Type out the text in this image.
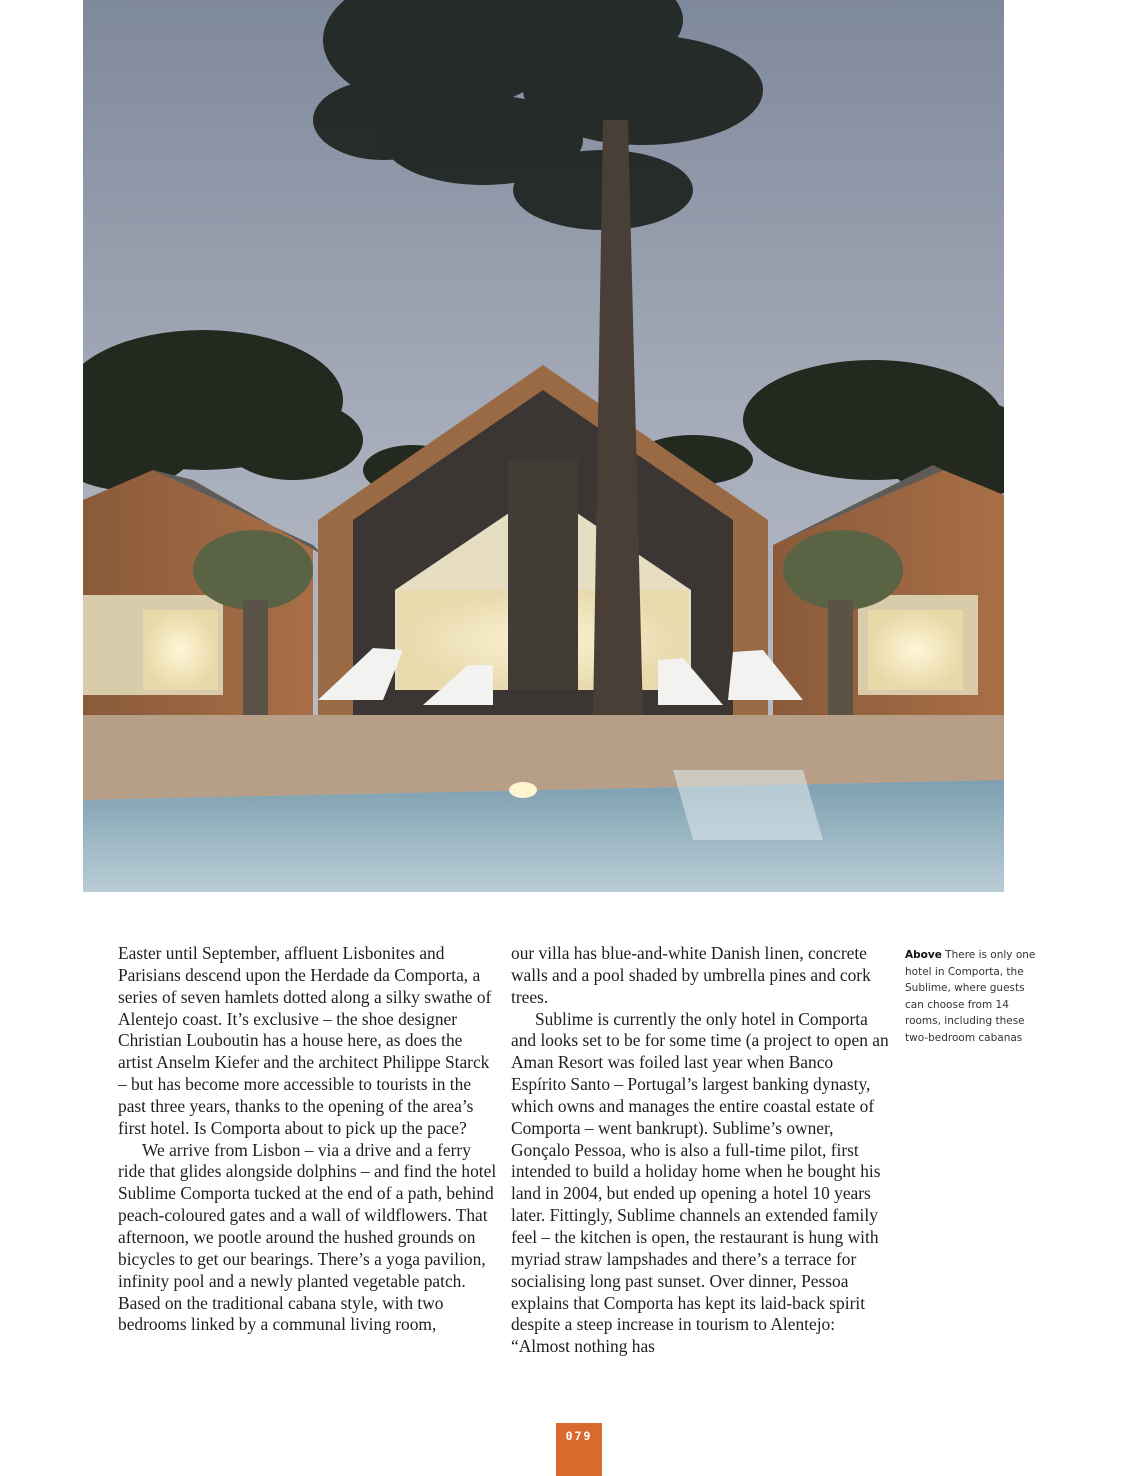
Easter until September, affluent Lisbonites and Parisians descend upon the Herdade da Comporta, a series of seven hamlets dotted along a silky swathe of Alentejo coast. It’s exclusive – the shoe designer Christian Louboutin has a house here, as does the artist Anselm Kiefer and the architect Philippe Starck – but has become more accessible to tourists in the past three years, thanks to the opening of the area’s first hotel. Is Comporta about to pick up the pace?

We arrive from Lisbon – via a drive and a ferry ride that glides alongside dolphins – and find the hotel Sublime Comporta tucked at the end of a path, behind peach-coloured gates and a wall of wildflowers. That afternoon, we pootle around the hushed grounds on bicycles to get our bearings. There’s a yoga pavilion, infinity pool and a newly planted vegetable patch. Based on the traditional cabana style, with two bedrooms linked by a communal living room,

our villa has blue-and-white Danish linen, concrete walls and a pool shaded by umbrella pines and cork trees.

Sublime is currently the only hotel in Comporta and looks set to be for some time (a project to open an Aman Resort was foiled last year when Banco Espírito Santo – Portugal’s largest banking dynasty, which owns and manages the entire coastal estate of Comporta – went bankrupt). Sublime’s owner, Gonçalo Pessoa, who is also a full-time pilot, first intended to build a holiday home when he bought his land in 2004, but ended up opening a hotel 10 years later. Fittingly, Sublime channels an extended family feel – the kitchen is open, the restaurant is hung with myriad straw lampshades and there’s a terrace for socialising long past sunset. Over dinner, Pessoa explains that Comporta has kept its laid-back spirit despite a steep increase in tourism to Alentejo: “Almost nothing has

Above There is only one hotel in Comporta, the Sublime, where guests can choose from 14 rooms, including these two-bedroom cabanas
079
